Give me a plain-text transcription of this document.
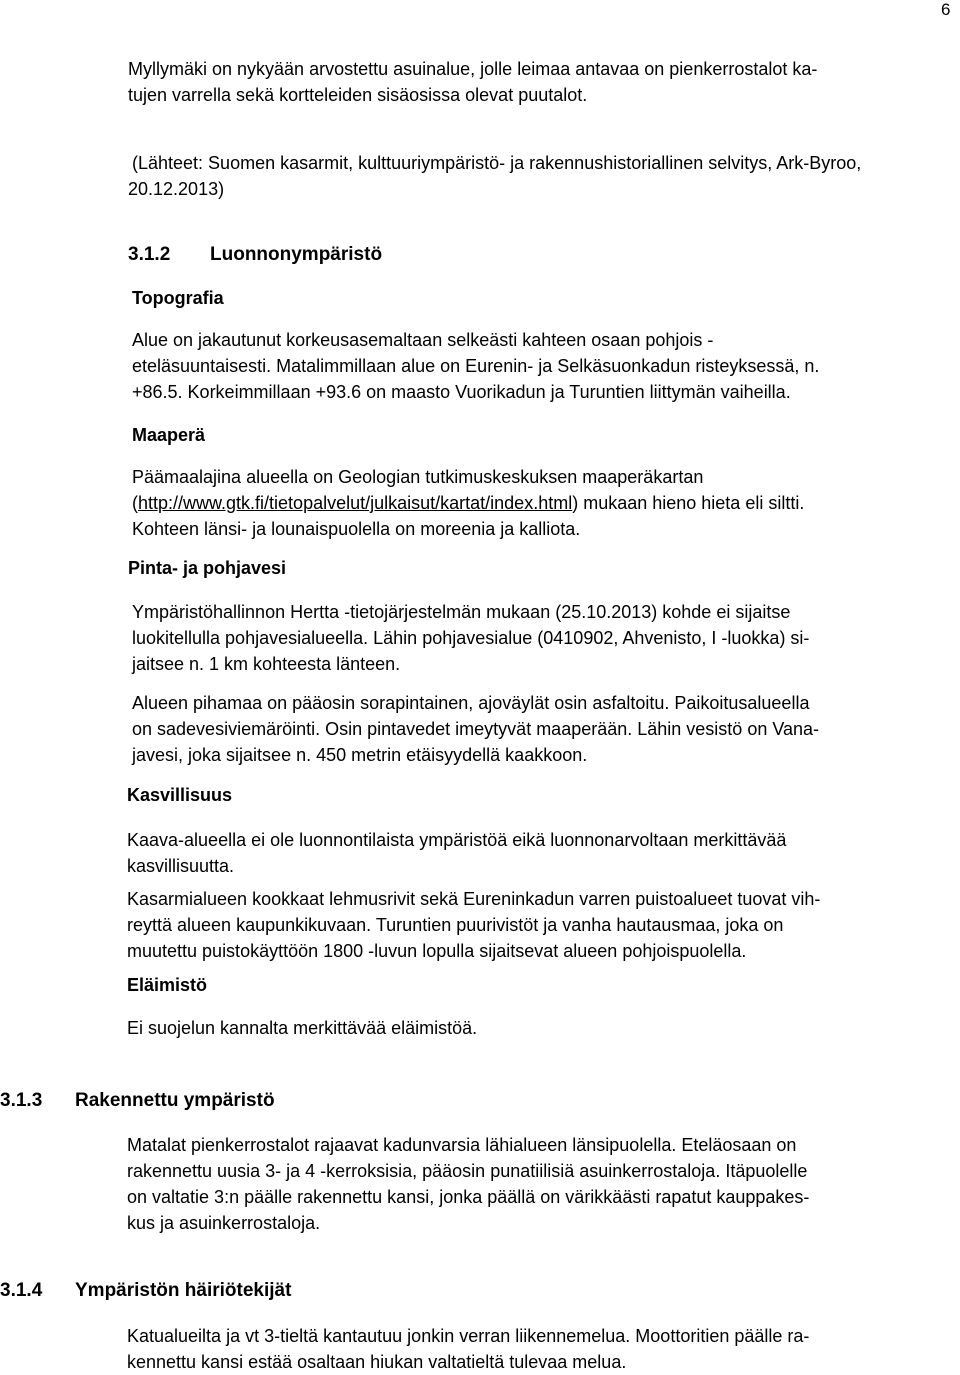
6
Myllymäki on nykyään arvostettu asuinalue, jolle leimaa antavaa on pienkerrostalot ka-
tujen varrella sekä kortteleiden sisäosissa olevat puutalot.
(Lähteet: Suomen kasarmit, kulttuuriympäristö- ja rakennushistoriallinen selvitys, Ark-Byroo,
20.12.2013)
3.1.2 Luonnonympäristö
Topografia
Alue on jakautunut korkeusasemaltaan selkeästi kahteen osaan pohjois -
eteläsuuntaisesti. Matalimmillaan alue on Eurenin- ja Selkäsuonkadun risteyksessä, n.
+86.5. Korkeimmillaan +93.6 on maasto Vuorikadun ja Turuntien liittymän vaiheilla.
Maaperä
Päämaalajina alueella on Geologian tutkimuskeskuksen maaperäkartan
(http://www.gtk.fi/tietopalvelut/julkaisut/kartat/index.html) mukaan hieno hieta eli siltti.
Kohteen länsi- ja lounaispuolella on moreenia ja kalliota.
Pinta- ja pohjavesi
Ympäristöhallinnon Hertta -tietojärjestelmän mukaan (25.10.2013) kohde ei sijaitse
luokitellulla pohjavesialueella. Lähin pohjavesialue (0410902, Ahvenisto, I -luokka) si-
jaitsee n. 1 km kohteesta länteen.
Alueen pihamaa on pääosin sorapintainen, ajoväylät osin asfaltoitu. Paikoitusalueella
on sadevesiviemäröinti. Osin pintavedet imeytyvät maaperään. Lähin vesistö on Vana-
javesi, joka sijaitsee n. 450 metrin etäisyydellä kaakkoon.
Kasvillisuus
Kaava-alueella ei ole luonnontilaista ympäristöä eikä luonnonarvoltaan merkittävää
kasvillisuutta.
Kasarmialueen kookkaat lehmusrivit sekä Eureninkadun varren puistoalueet tuovat vih-
reyttä alueen kaupunkikuvaan. Turuntien puurivistöt ja vanha hautausmaa, joka on
muutettu puistokäyttöön 1800 -luvun lopulla sijaitsevat alueen pohjoispuolella.
Eläimistö
Ei suojelun kannalta merkittävää eläimistöä.
3.1.3 Rakennettu ympäristö
Matalat pienkerrostalot rajaavat kadunvarsia lähialueen länsipuolella. Eteläosaan on
rakennettu uusia 3- ja 4 -kerroksisia, pääosin punatiilisiä asuinkerrostaloja. Itäpuolelle
on valtatie 3:n päälle rakennettu kansi, jonka päällä on värikkäästi rapatut kauppakes-
kus ja asuinkerrostaloja.
3.1.4 Ympäristön häiriötekijät
Katualueilta ja vt 3-tieltä kantautuu jonkin verran liikennemelua. Moottoritien päälle ra-
kennettu kansi estää osaltaan hiukan valtatieltä tulevaa melua.
